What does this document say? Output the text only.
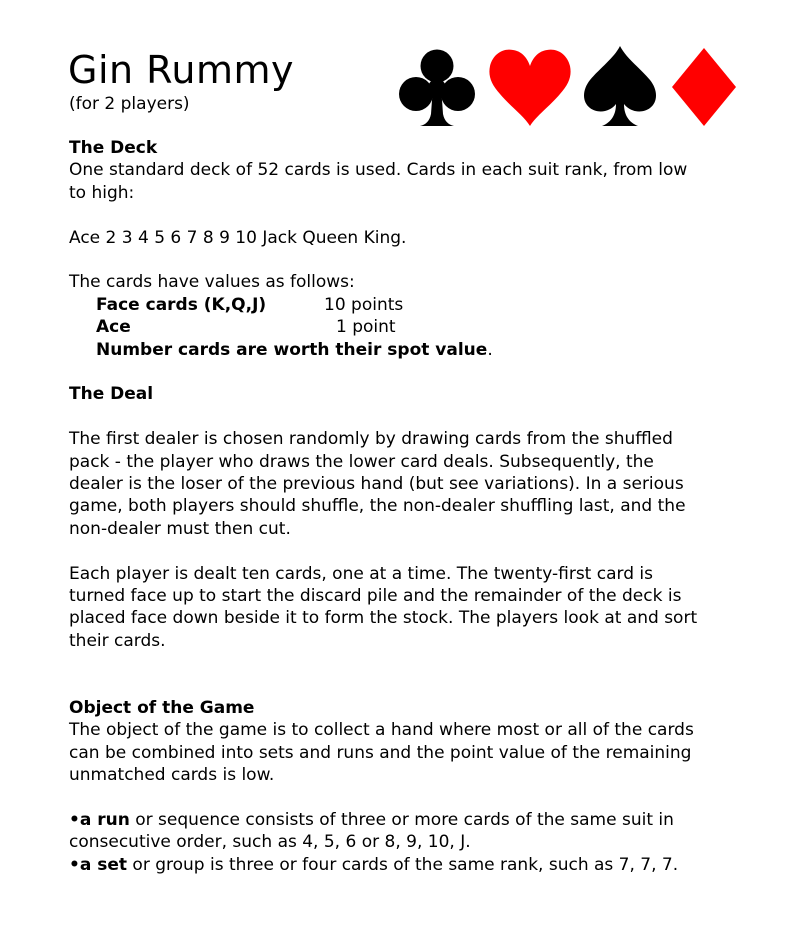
Gin Rummy
(for 2 players)

The Deck

One standard deck of 52 cards is used. Cards in each suit rank, from low

to high:

Ace 2 3 4 5 6 7 8 9 10 Jack Queen King.

The cards have values as follows:

Face cards (K,Q,J)	10 points
Ace	1 point
Number cards are worth their spot value.

The Deal

The first dealer is chosen randomly by drawing cards from the shuffled

pack - the player who draws the lower card deals. Subsequently, the

dealer is the loser of the previous hand (but see variations). In a serious

game, both players should shuffle, the non-dealer shuffling last, and the

non-dealer must then cut.

Each player is dealt ten cards, one at a time. The twenty-first card is

turned face up to start the discard pile and the remainder of the deck is

placed face down beside it to form the stock. The players look at and sort

their cards.

Object of the Game

The object of the game is to collect a hand where most or all of the cards

can be combined into sets and runs and the point value of the remaining

unmatched cards is low.

•a run or sequence consists of three or more cards of the same suit in

consecutive order, such as 4, 5, 6 or 8, 9, 10, J.

•a set or group is three or four cards of the same rank, such as 7, 7, 7.
